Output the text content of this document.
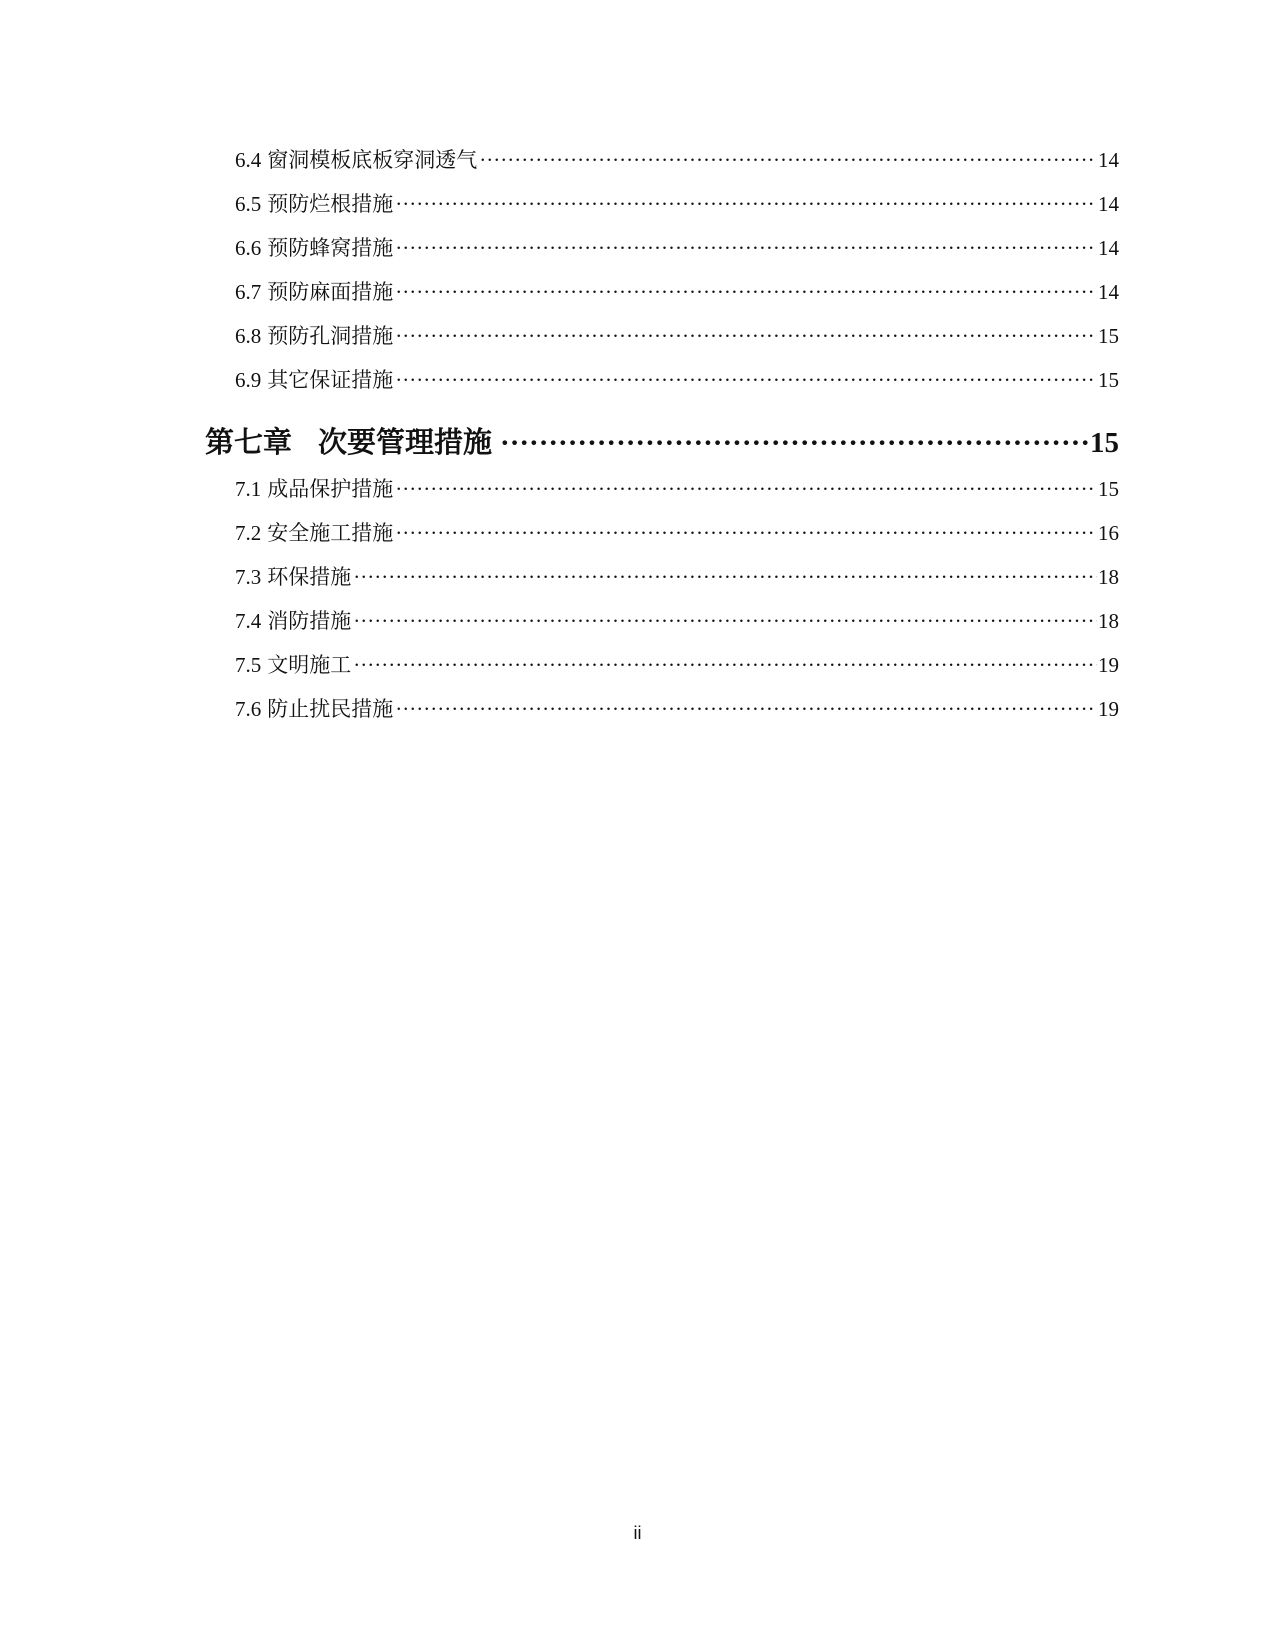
6.4 窗洞模板底板穿洞透气 ·····	14
6.5 预防烂根措施 ·····	14
6.6 预防蜂窝措施 ·····	14
6.7 预防麻面措施 ·····	14
6.8 预防孔洞措施 ·····	15
6.9 其它保证措施 ·····	15
第七章 次要管理措施 ·····	15
7.1 成品保护措施 ·····	15
7.2 安全施工措施 ·····	16
7.3 环保措施 ·····	18
7.4 消防措施 ·····	18
7.5 文明施工 ·····	19
7.6 防止扰民措施 ·····	19
ii
